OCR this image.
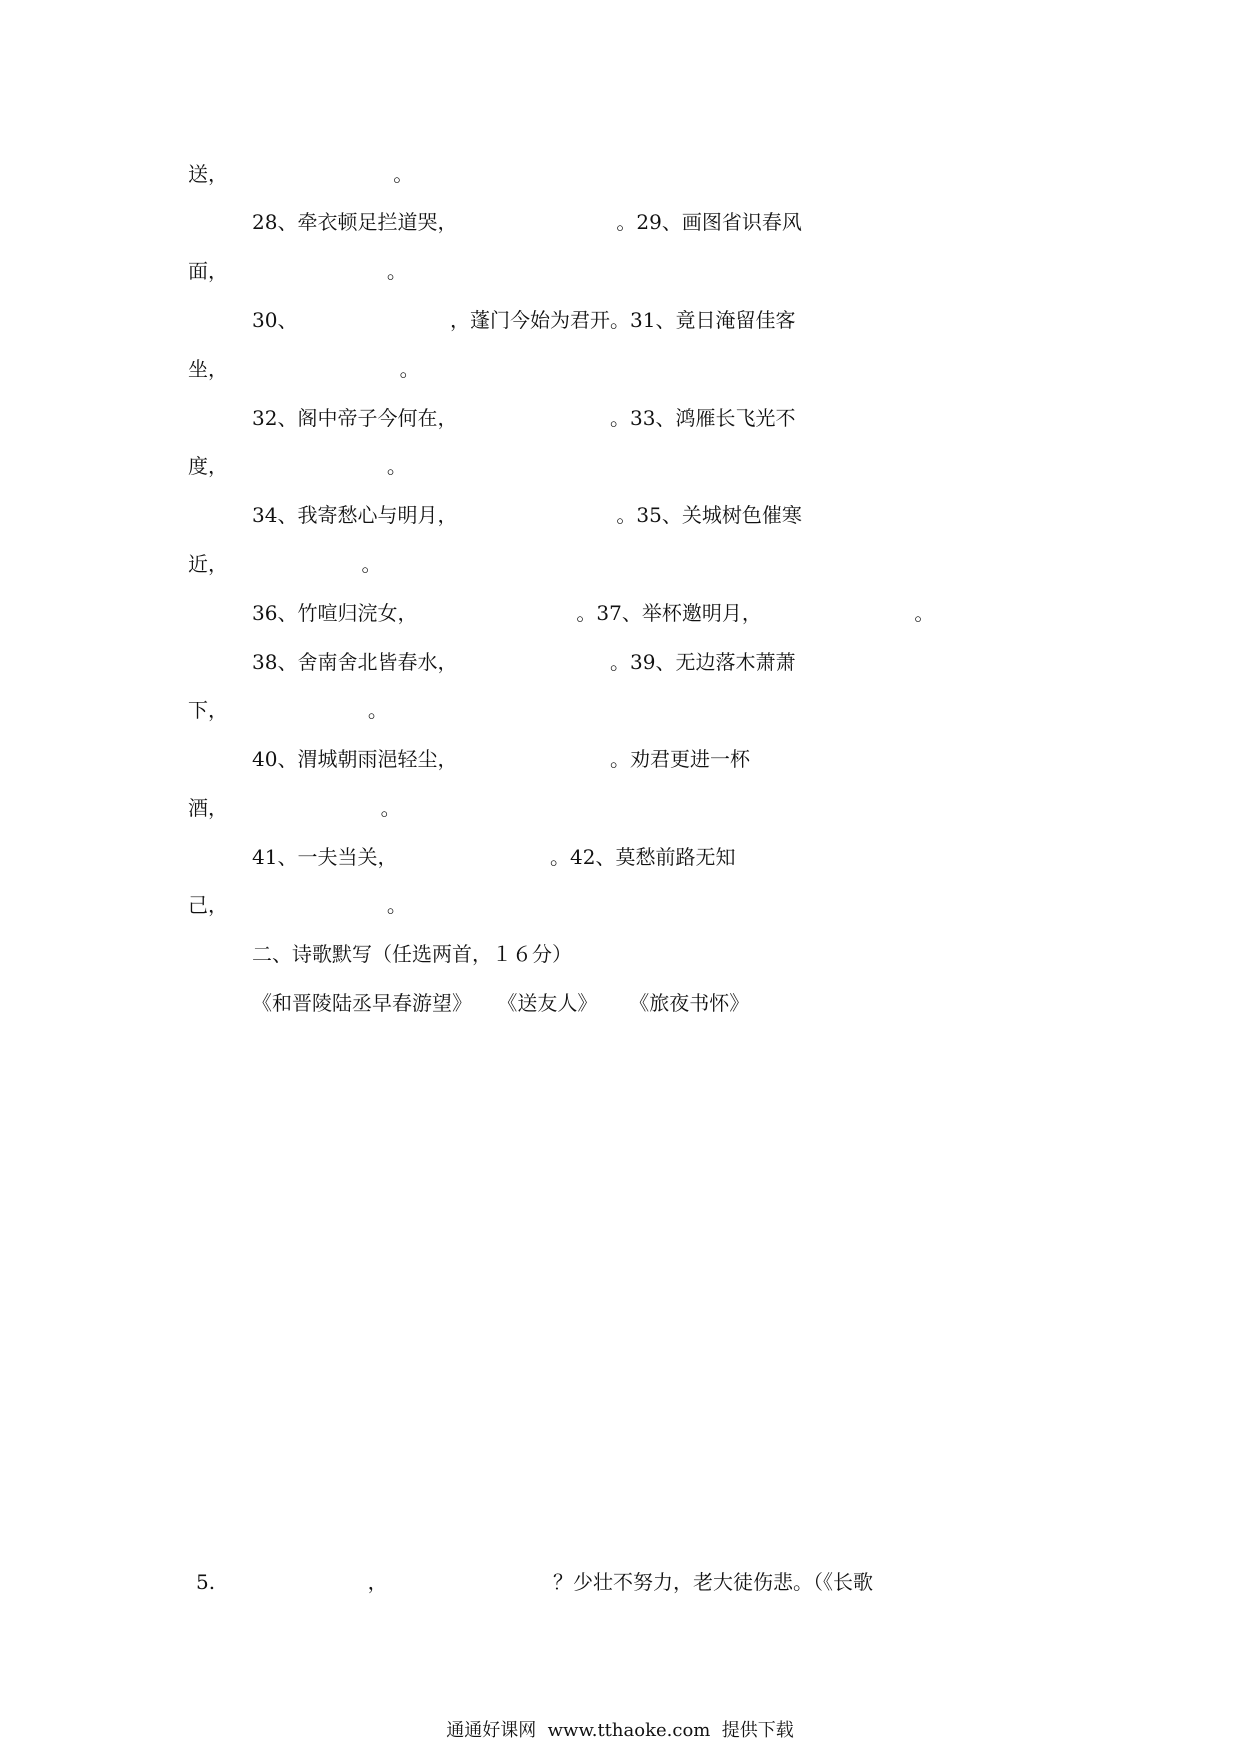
送，                          。
28、牵衣顿足拦道哭，                         。29、画图省识春风
面，                         。
30、                        ，蓬门今始为君开。31、竟日淹留佳客
坐，                           。
32、阁中帝子今何在，                        。33、鸿雁长飞光不
度，                         。
34、我寄愁心与明月，                         。35、关城树色催寒
近，                     。
36、竹喧归浣女，                         。37、举杯邀明月，                        。
38、舍南舍北皆春水，                        。39、无边落木萧萧
下，                      。
40、渭城朝雨浥轻尘，                        。劝君更进一杯
酒，                        。
41、一夫当关，                        。42、莫愁前路无知
己，                         。
二、诗歌默写（任选两首，１６分）
《和晋陵陆丞早春游望》    《送友人》     《旅夜书怀》
5.                        ，                          ？少壮不努力，老大徒伤悲。（《长歌
通通好课网  www.tthaoke.com  提供下载
